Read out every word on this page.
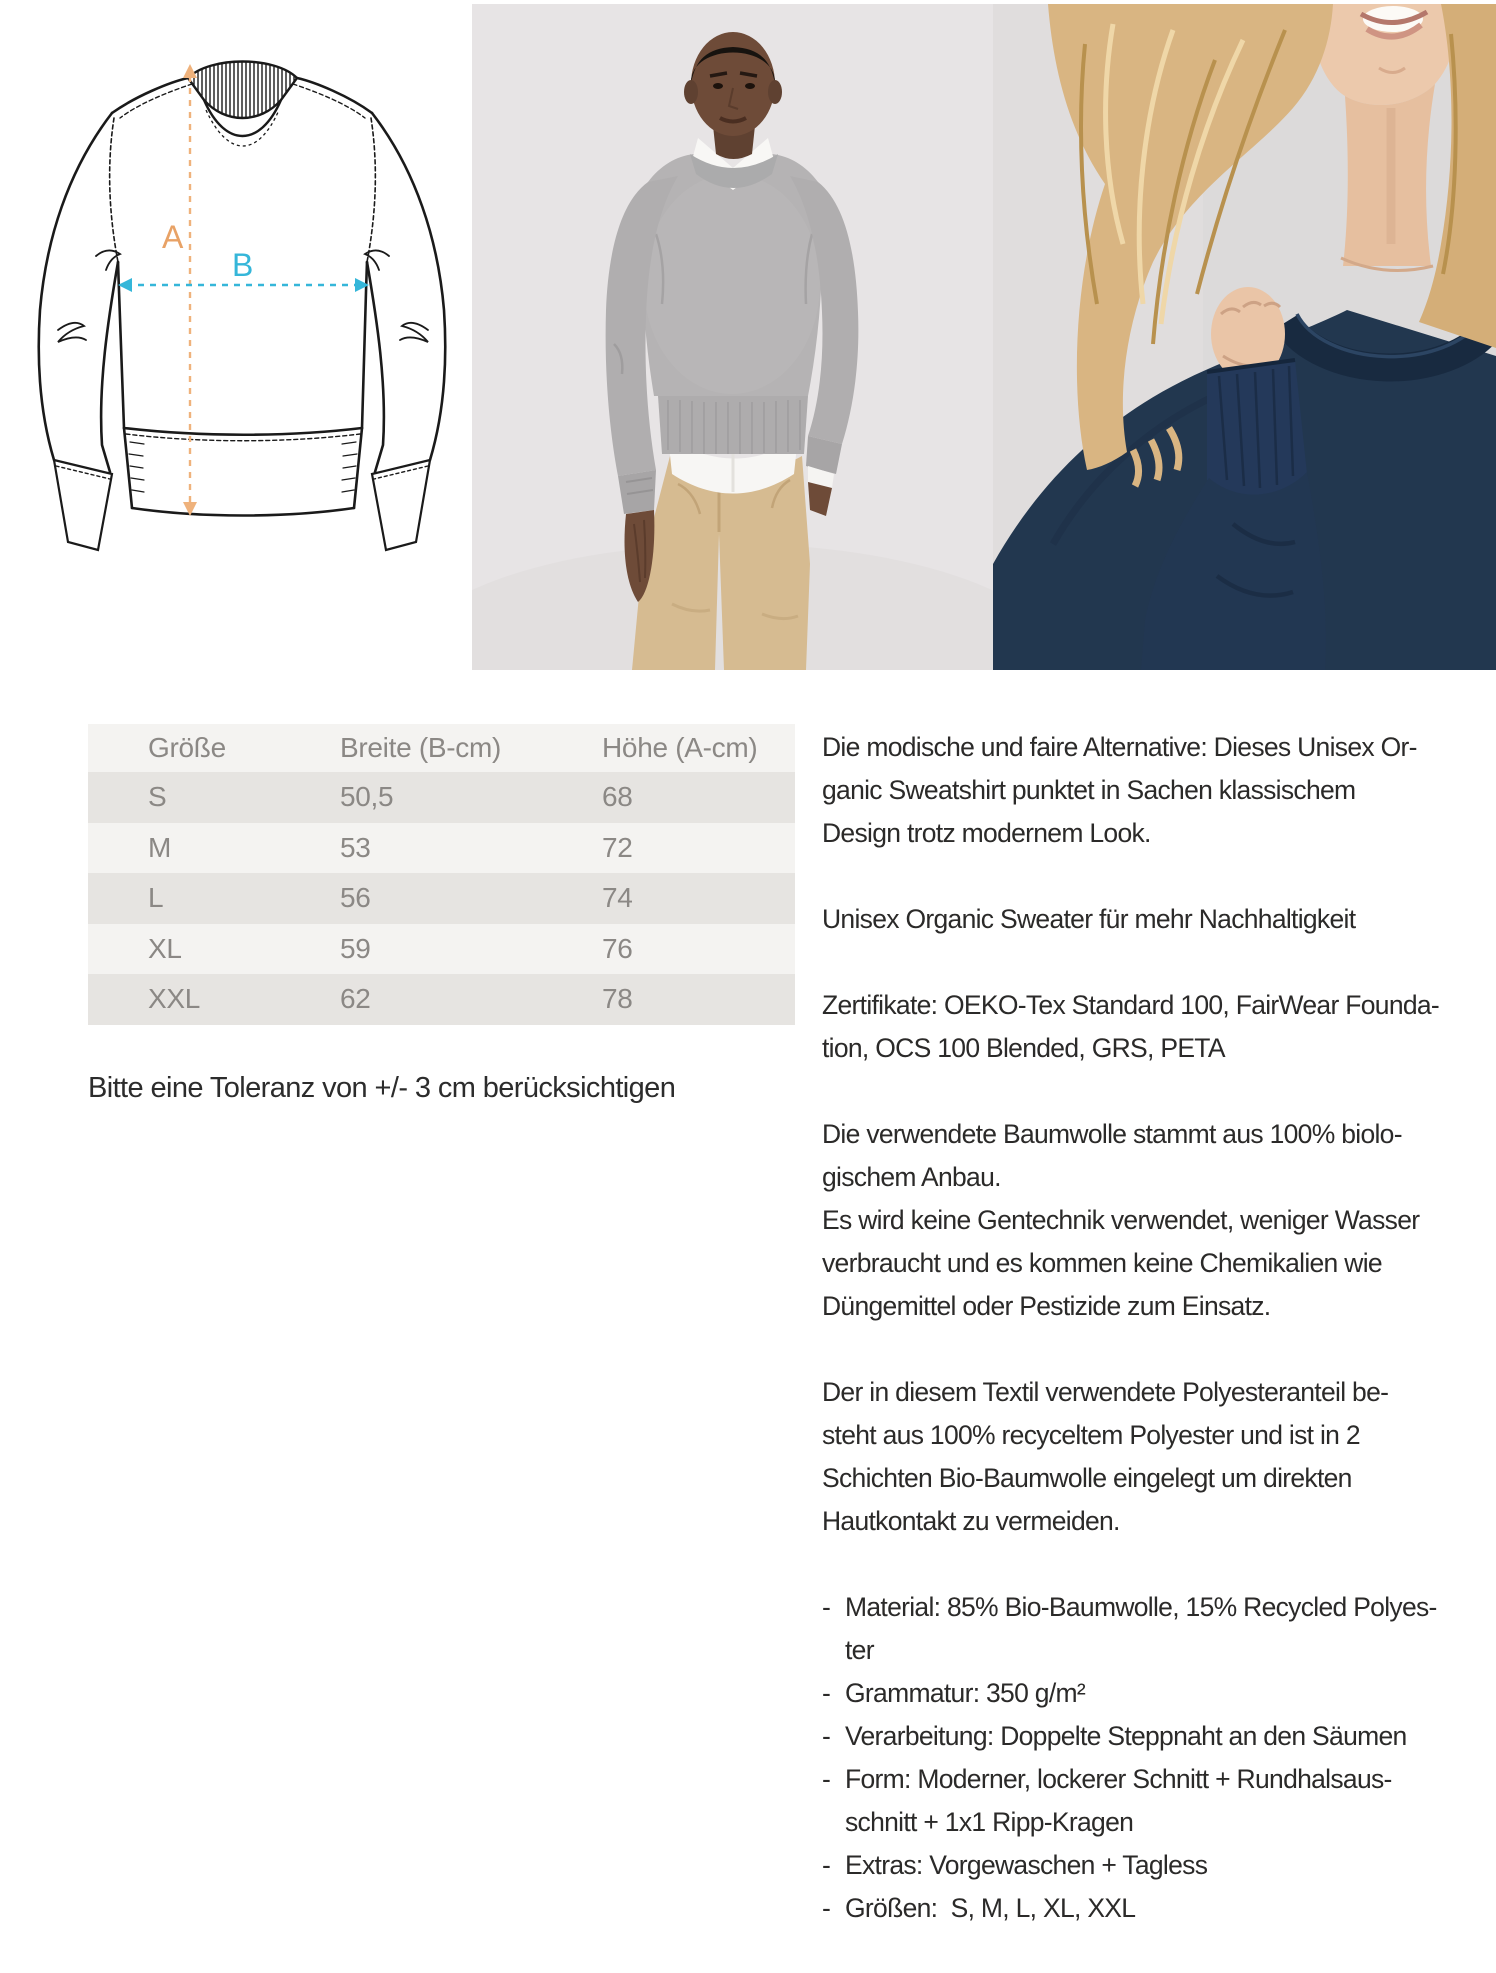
A
B
Größe	Breite (B-cm)	Höhe (A-cm)
S	50,5	68
M	53	72
L	56	74
XL	59	76
XXL	62	78
Bitte eine Toleranz von +/- 3 cm berücksichtigen
Die modische und faire Alternative: Dieses Unisex Or-
ganic Sweatshirt punktet in Sachen klassischem
Design trotz modernem Look.
Unisex Organic Sweater für mehr Nachhaltigkeit
Zertifikate: OEKO-Tex Standard 100, FairWear Founda-
tion, OCS 100 Blended, GRS, PETA
Die verwendete Baumwolle stammt aus 100% biolo-
gischem Anbau.
Es wird keine Gentechnik verwendet, weniger Wasser
verbraucht und es kommen keine Chemikalien wie
Düngemittel oder Pestizide zum Einsatz.
Der in diesem Textil verwendete Polyesteranteil be-
steht aus 100% recyceltem Polyester und ist in 2
Schichten Bio-Baumwolle eingelegt um direkten
Hautkontakt zu vermeiden.
- Material: 85% Bio-Baumwolle, 15% Recycled Polyes-
ter
- Grammatur: 350 g/m²
- Verarbeitung: Doppelte Steppnaht an den Säumen
- Form: Moderner, lockerer Schnitt + Rundhalsaus-
schnitt + 1x1 Ripp-Kragen
- Extras: Vorgewaschen + Tagless
- Größen:  S, M, L, XL, XXL
